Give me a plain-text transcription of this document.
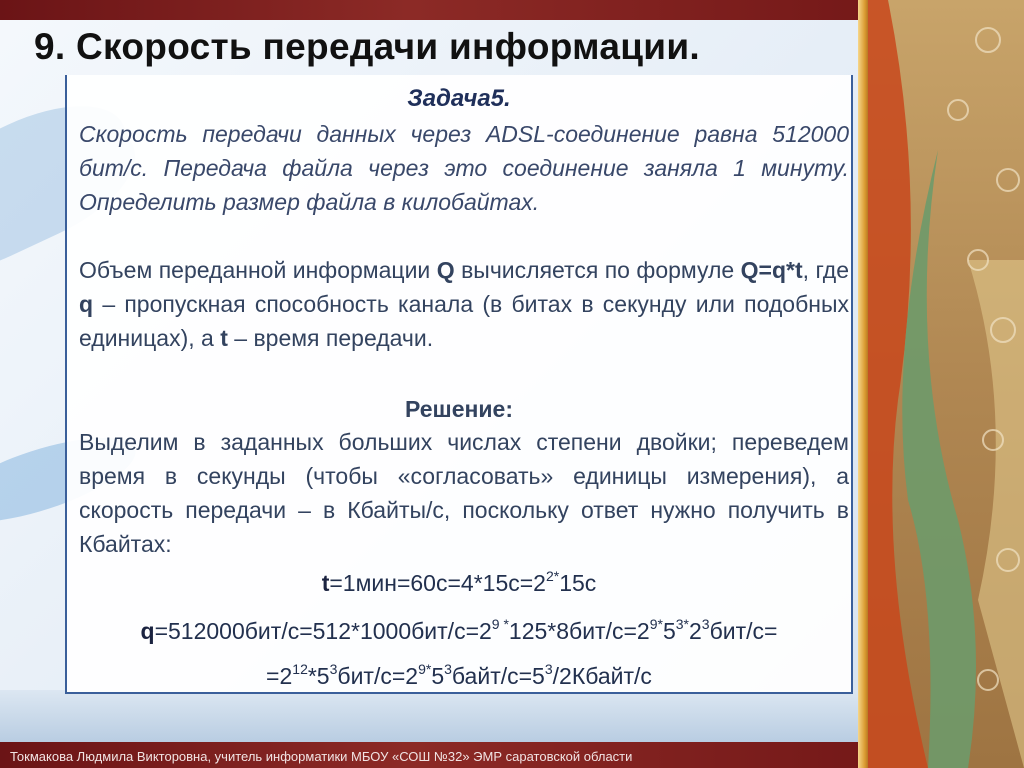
9. Скорость передачи информации.
Задача5.

Скорость передачи данных через ADSL-соединение равна 512000 бит/с. Передача файла через это соединение заняла 1 минуту. Определить размер файла в килобайтах.

Объем переданной информации Q вычисляется по формуле Q=q*t, где q – пропускная способность канала (в битах в секунду или подобных единицах), а t – время передачи.

Решение:

Выделим в заданных больших числах степени двойки; переведем время в секунды (чтобы «согласовать» единицы измерения), а скорость передачи – в Кбайты/с, поскольку ответ нужно получить в Кбайтах:

$t=1мин=60с=4*15с=2^{2*}15с$

$q=512000бит/с=512*1000бит/с=2^{9 *}125*8бит/с=2^{9*}5^{3*}2^3бит/с=$

$=2^{12}*5^3бит/с=2^{9*}5^3байт/с=5^3/2Кбайт/с$

Токмакова Людмила Викторовна, учитель информатики МБОУ «СОШ №32» ЭМР саратовской области
